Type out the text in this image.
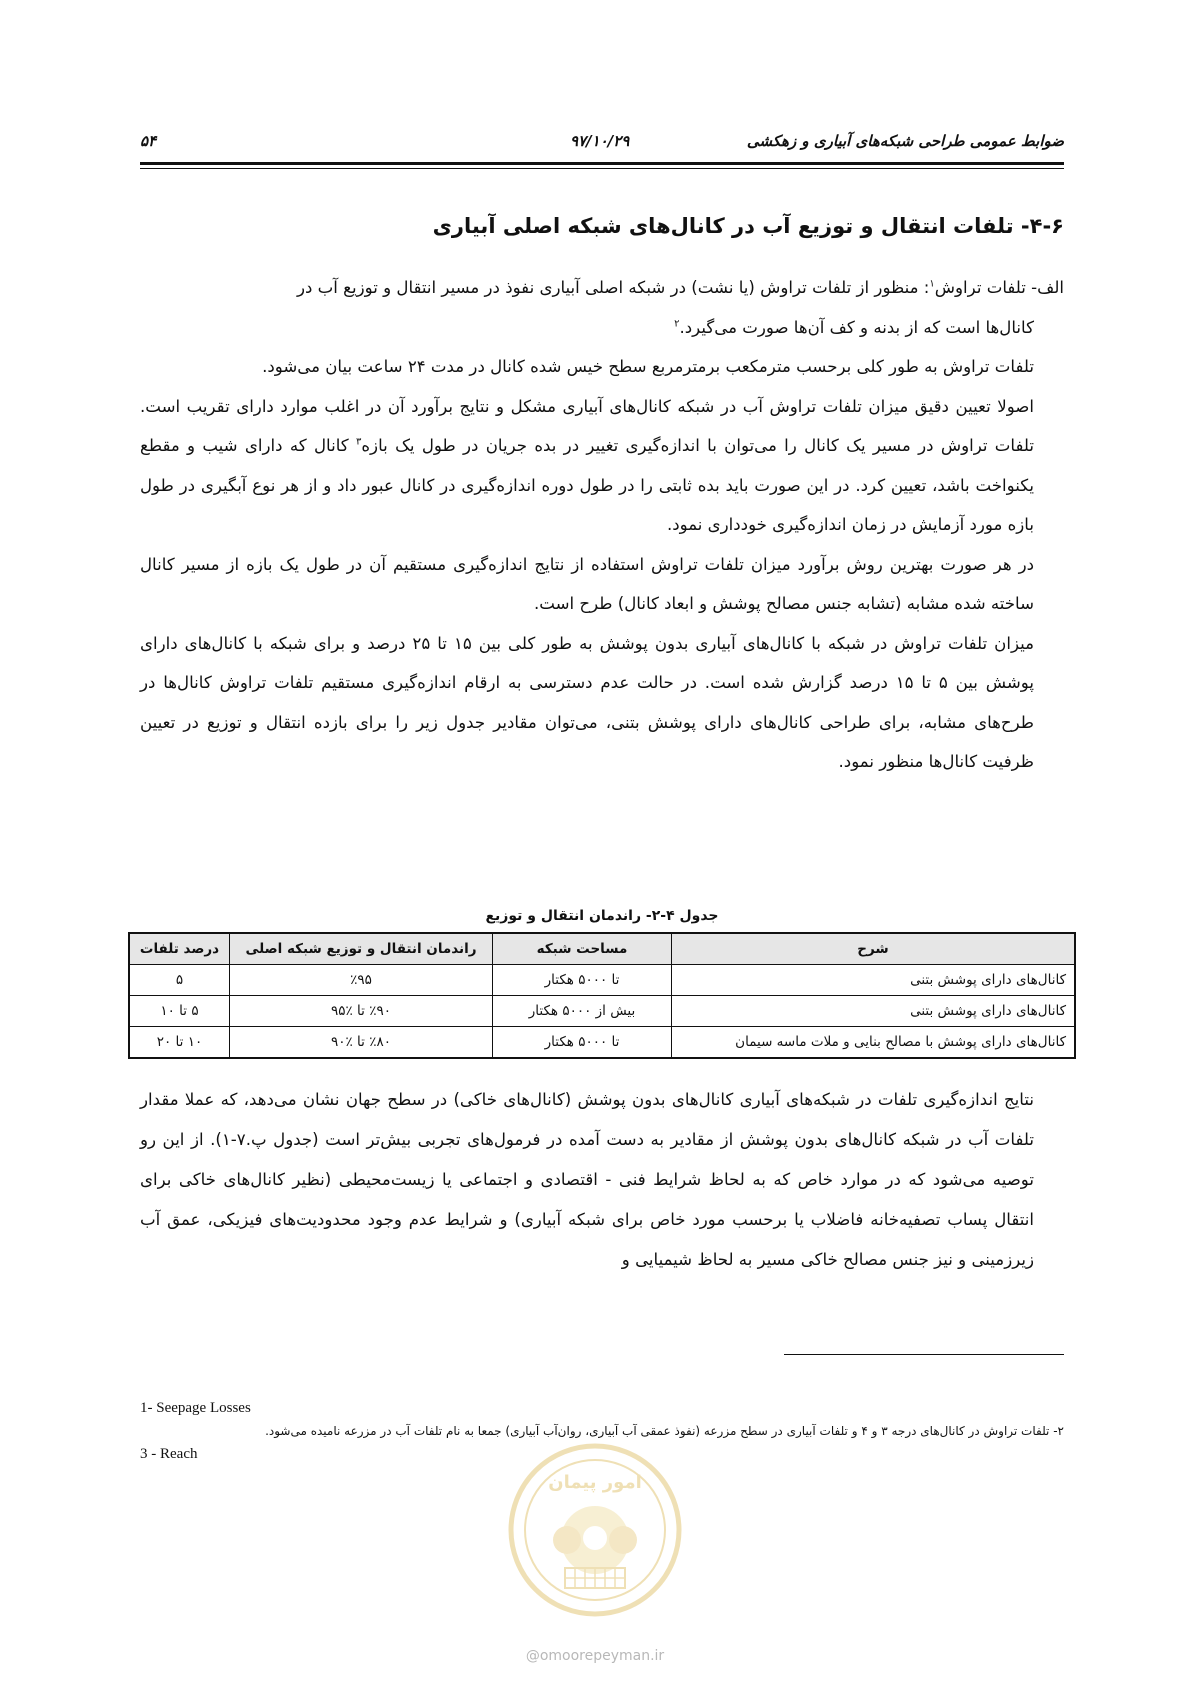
ضوابط عمومی طراحی شبکه‌های آبیاری و زهکشی
۹۷/۱۰/۲۹
۵۴
۴-۶- تلفات انتقال و توزیع آب در کانال‌های شبکه اصلی آبیاری

الف- تلفات تراوش$^۱$: منظور از تلفات تراوش (یا نشت) در شبکه اصلی آبیاری نفوذ در مسیر انتقال و توزیع آب در

کانال‌ها است که از بدنه و کف آن‌ها صورت می‌گیرد.$^۲$

تلفات تراوش به طور کلی برحسب مترمکعب برمترمربع سطح خیس شده کانال در مدت ۲۴ ساعت بیان می‌شود.

اصولا تعیین دقیق میزان تلفات تراوش آب در شبکه کانال‌های آبیاری مشکل و نتایج برآورد آن در اغلب موارد دارای تقریب است. تلفات تراوش در مسیر یک کانال را می‌توان با اندازه‌گیری تغییر در بده جریان در طول یک بازه$^۳$ کانال که دارای شیب و مقطع یکنواخت باشد، تعیین کرد. در این صورت باید بده ثابتی را در طول دوره اندازه‌گیری در کانال عبور داد و از هر نوع آبگیری در طول بازه مورد آزمایش در زمان اندازه‌گیری خودداری نمود.

در هر صورت بهترین روش برآورد میزان تلفات تراوش استفاده از نتایج اندازه‌گیری مستقیم آن در طول یک بازه از مسیر کانال ساخته شده مشابه (تشابه جنس مصالح پوشش و ابعاد کانال) طرح است.

میزان تلفات تراوش در شبکه با کانال‌های آبیاری بدون پوشش به طور کلی بین ۱۵ تا ۲۵ درصد و برای شبکه با کانال‌های دارای پوشش بین ۵ تا ۱۵ درصد گزارش شده است. در حالت عدم دسترسی به ارقام اندازه‌گیری مستقیم تلفات تراوش کانال‌ها در طرح‌های مشابه، برای طراحی کانال‌های دارای پوشش بتنی، می‌توان مقادیر جدول زیر را برای بازده انتقال و توزیع در تعیین ظرفیت کانال‌ها منظور نمود.

جدول ۴-۲- راندمان انتقال و توزیع
شرح	مساحت شبکه	راندمان انتقال و توزیع شبکه اصلی	درصد تلفات
کانال‌های دارای پوشش بتنی	تا ۵۰۰۰ هکتار	٪۹۵	۵
کانال‌های دارای پوشش بتنی	بیش از ۵۰۰۰ هکتار	٪۹۰ تا ٪۹۵	۵ تا ۱۰
کانال‌های دارای پوشش با مصالح بنایی و ملات ماسه سیمان	تا ۵۰۰۰ هکتار	٪۸۰ تا ٪۹۰	۱۰ تا ۲۰

نتایج اندازه‌گیری تلفات در شبکه‌های آبیاری کانال‌های بدون پوشش (کانال‌های خاکی) در سطح جهان نشان می‌دهد، که عملا مقدار تلفات آب در شبکه کانال‌های بدون پوشش از مقادیر به دست آمده در فرمول‌های تجربی بیش‌تر است (جدول پ.۷-۱). از این رو توصیه می‌شود که در موارد خاص که به لحاظ شرایط فنی - اقتصادی و اجتماعی یا زیست‌محیطی (نظیر کانال‌های خاکی برای انتقال پساب تصفیه‌خانه فاضلاب یا برحسب مورد خاص برای شبکه آبیاری) و شرایط عدم وجود محدودیت‌های فیزیکی، عمق آب زیرزمینی و نیز جنس مصالح خاکی مسیر به لحاظ شیمیایی و

1- Seepage Losses
۲- تلفات تراوش در کانال‌های درجه ۳ و ۴ و تلفات آبیاری در سطح مزرعه (نفوذ عمقی آب آبیاری، روان‌آب آبیاری) جمعا به نام تلفات آب در مزرعه نامیده می‌شود.
3 - Reach
امور پیمان
@omoorepeyman.ir
